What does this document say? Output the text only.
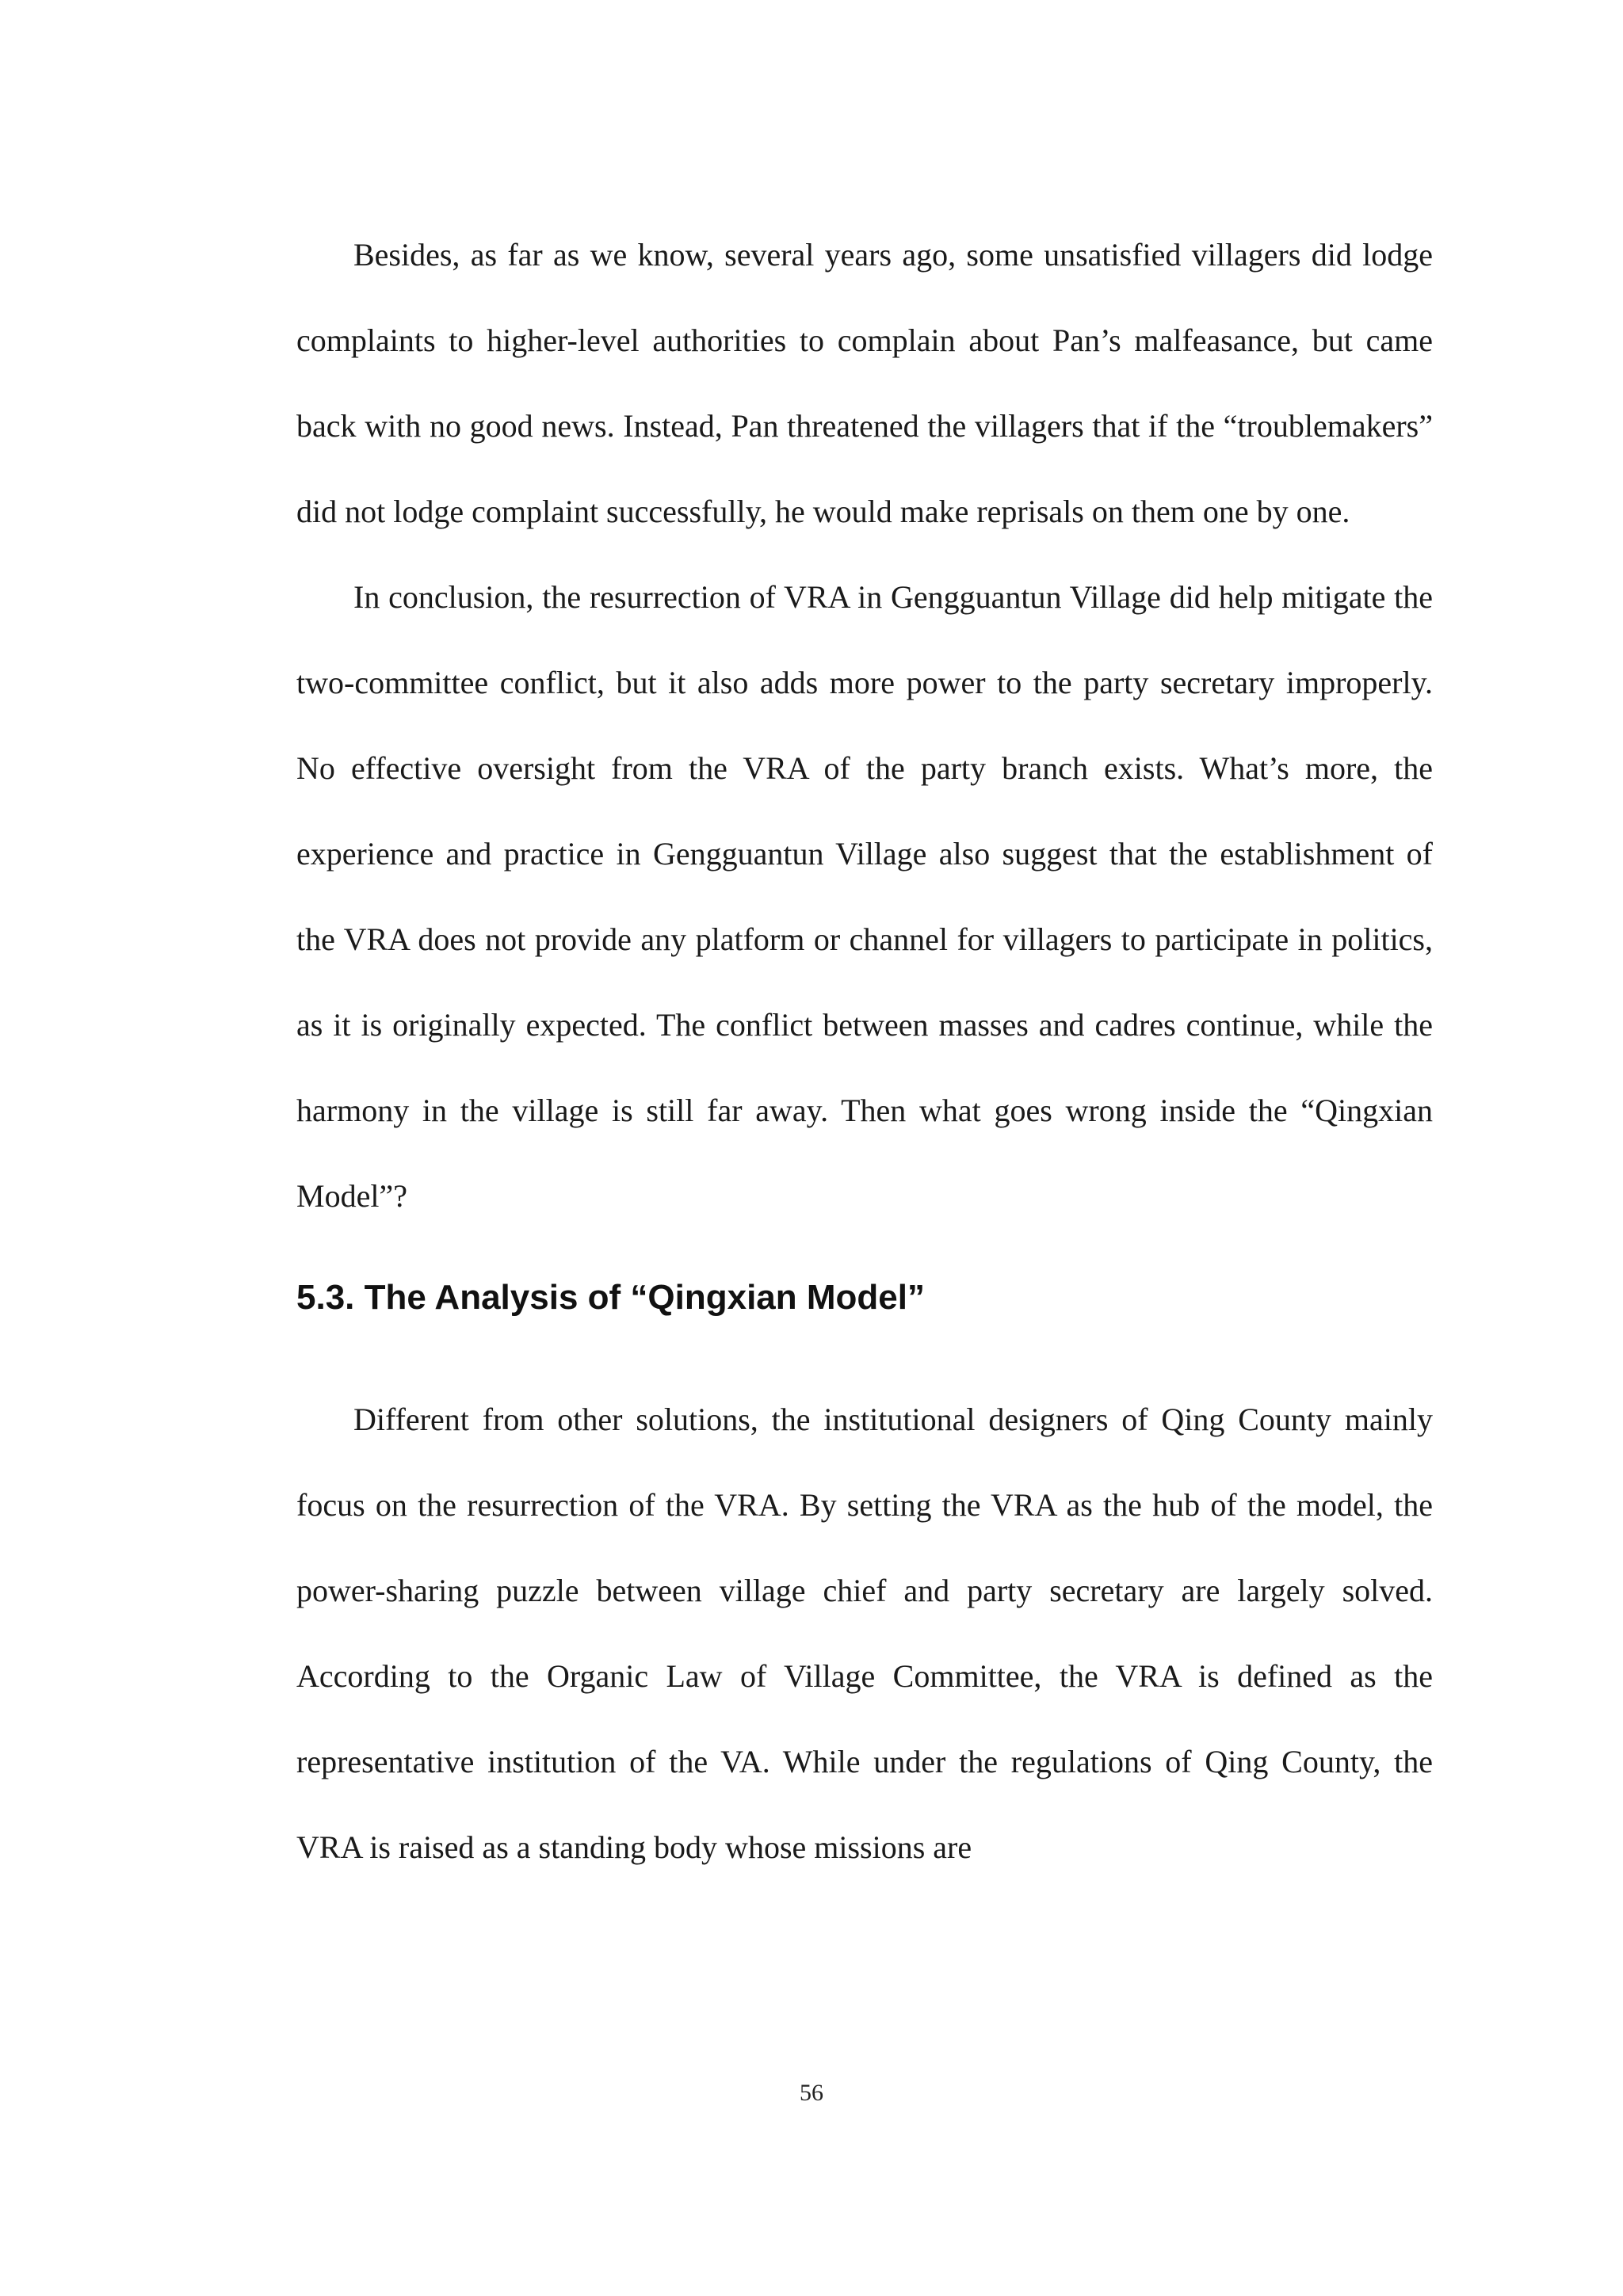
Besides, as far as we know, several years ago, some unsatisfied villagers did lodge complaints to higher-level authorities to complain about Pan’s malfeasance, but came back with no good news. Instead, Pan threatened the villagers that if the “troublemakers” did not lodge complaint successfully, he would make reprisals on them one by one.

In conclusion, the resurrection of VRA in Gengguantun Village did help mitigate the two-committee conflict, but it also adds more power to the party secretary improperly. No effective oversight from the VRA of the party branch exists. What’s more, the experience and practice in Gengguantun Village also suggest that the establishment of the VRA does not provide any platform or channel for villagers to participate in politics, as it is originally expected. The conflict between masses and cadres continue, while the harmony in the village is still far away. Then what goes wrong inside the “Qingxian Model”?

5.3. The Analysis of “Qingxian Model”

Different from other solutions, the institutional designers of Qing County mainly focus on the resurrection of the VRA. By setting the VRA as the hub of the model, the power-sharing puzzle between village chief and party secretary are largely solved. According to the Organic Law of Village Committee, the VRA is defined as the representative institution of the VA. While under the regulations of Qing County, the VRA is raised as a standing body whose missions are

56
